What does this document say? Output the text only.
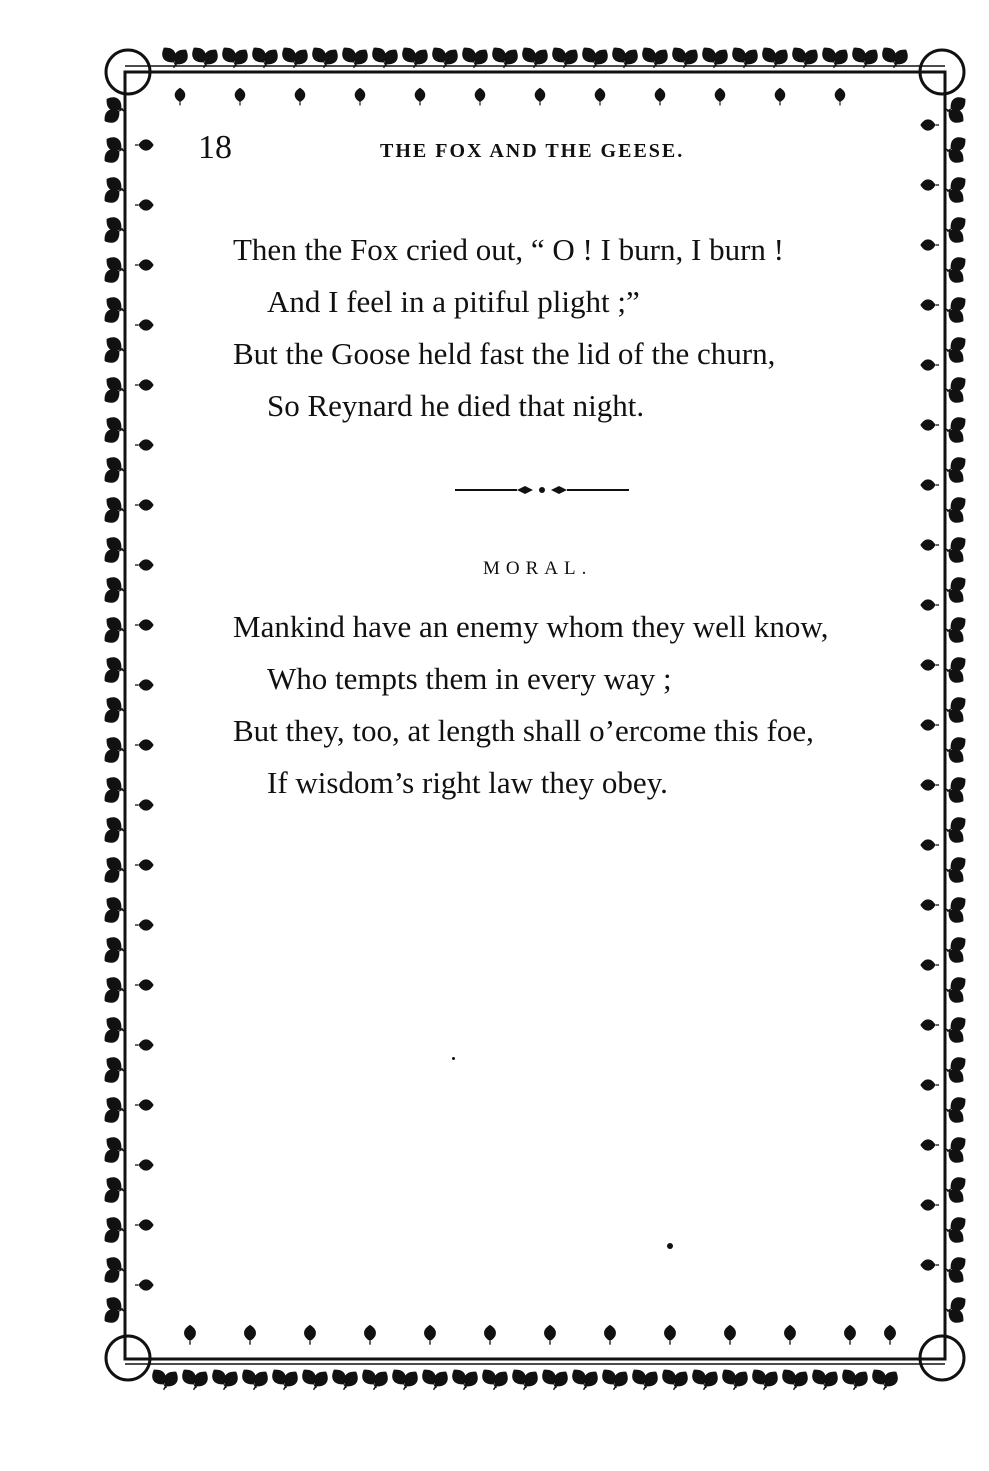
18	THE FOX AND THE GEESE.
Then the Fox cried out, “ O ! I burn, I burn !
And I feel in a pitiful plight ;”
But the Goose held fast the lid of the churn,
So Reynard he died that night.
MORAL.
Mankind have an enemy whom they well know,
Who tempts them in every way ;
But they, too, at length shall o’ercome this foe,
If wisdom’s right law they obey.
